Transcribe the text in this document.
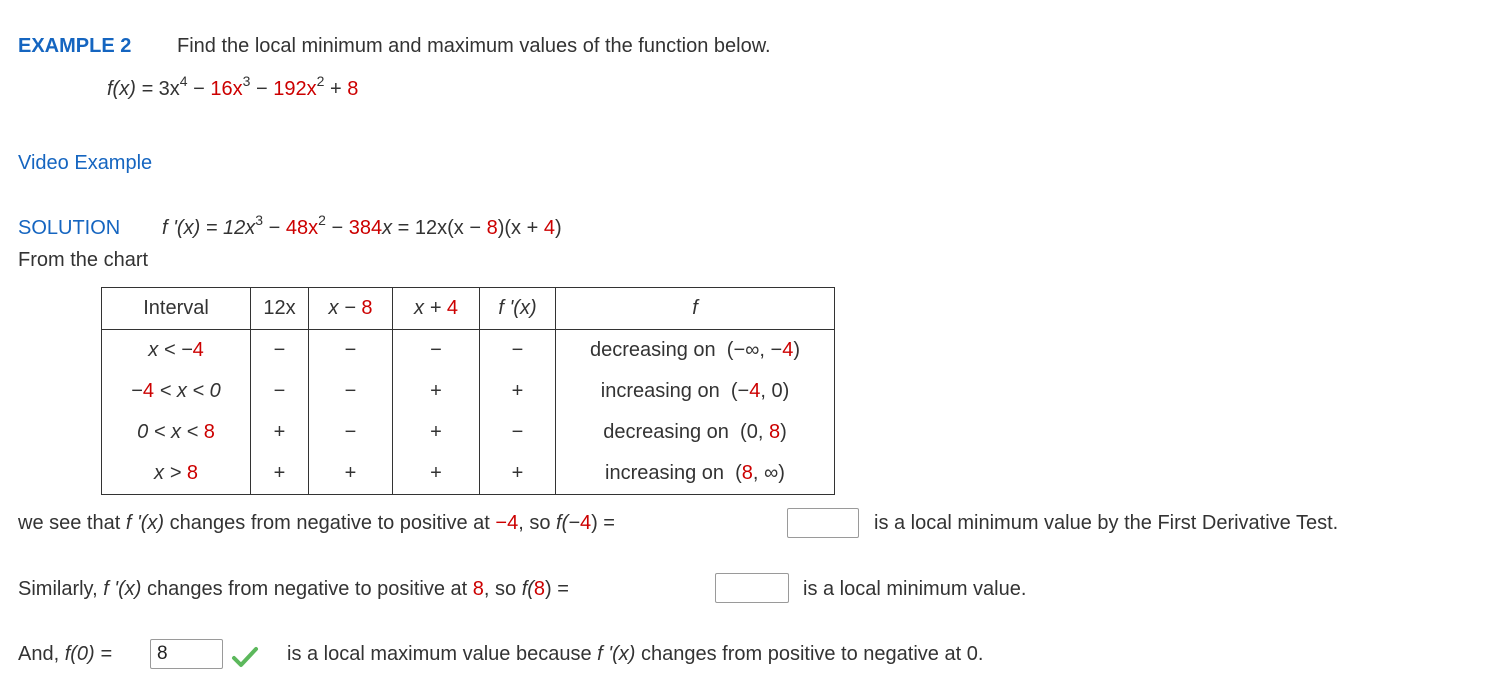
EXAMPLE 2 Find the local minimum and maximum values of the function below.
$f(x) = 3x^4 - 16x^3 - 192x^2 + 8$
Video Example
SOLUTION f '$(x) = 12x^3 - 48x^2 - 384x = 12x(x - 8)(x + 4)$
From the chart
Interval	12x	x − 8	x + 4	f '(x)	f
x < −4	−	−	−	−	decreasing on (−∞, −4)
−4 < x < 0	−	−	+	+	increasing on (−4, 0)
0 < x < 8	+	−	+	−	decreasing on (0, 8)
x > 8	+	+	+	+	increasing on (8, ∞)
we see that f '(x) changes from negative to positive at −4, so f(−4) =	is a local minimum value by the First Derivative Test.
Similarly, f '(x) changes from negative to positive at 8, so f(8) =	is a local minimum value.
And, f(0) =	8	is a local maximum value because f '(x) changes from positive to negative at 0.
